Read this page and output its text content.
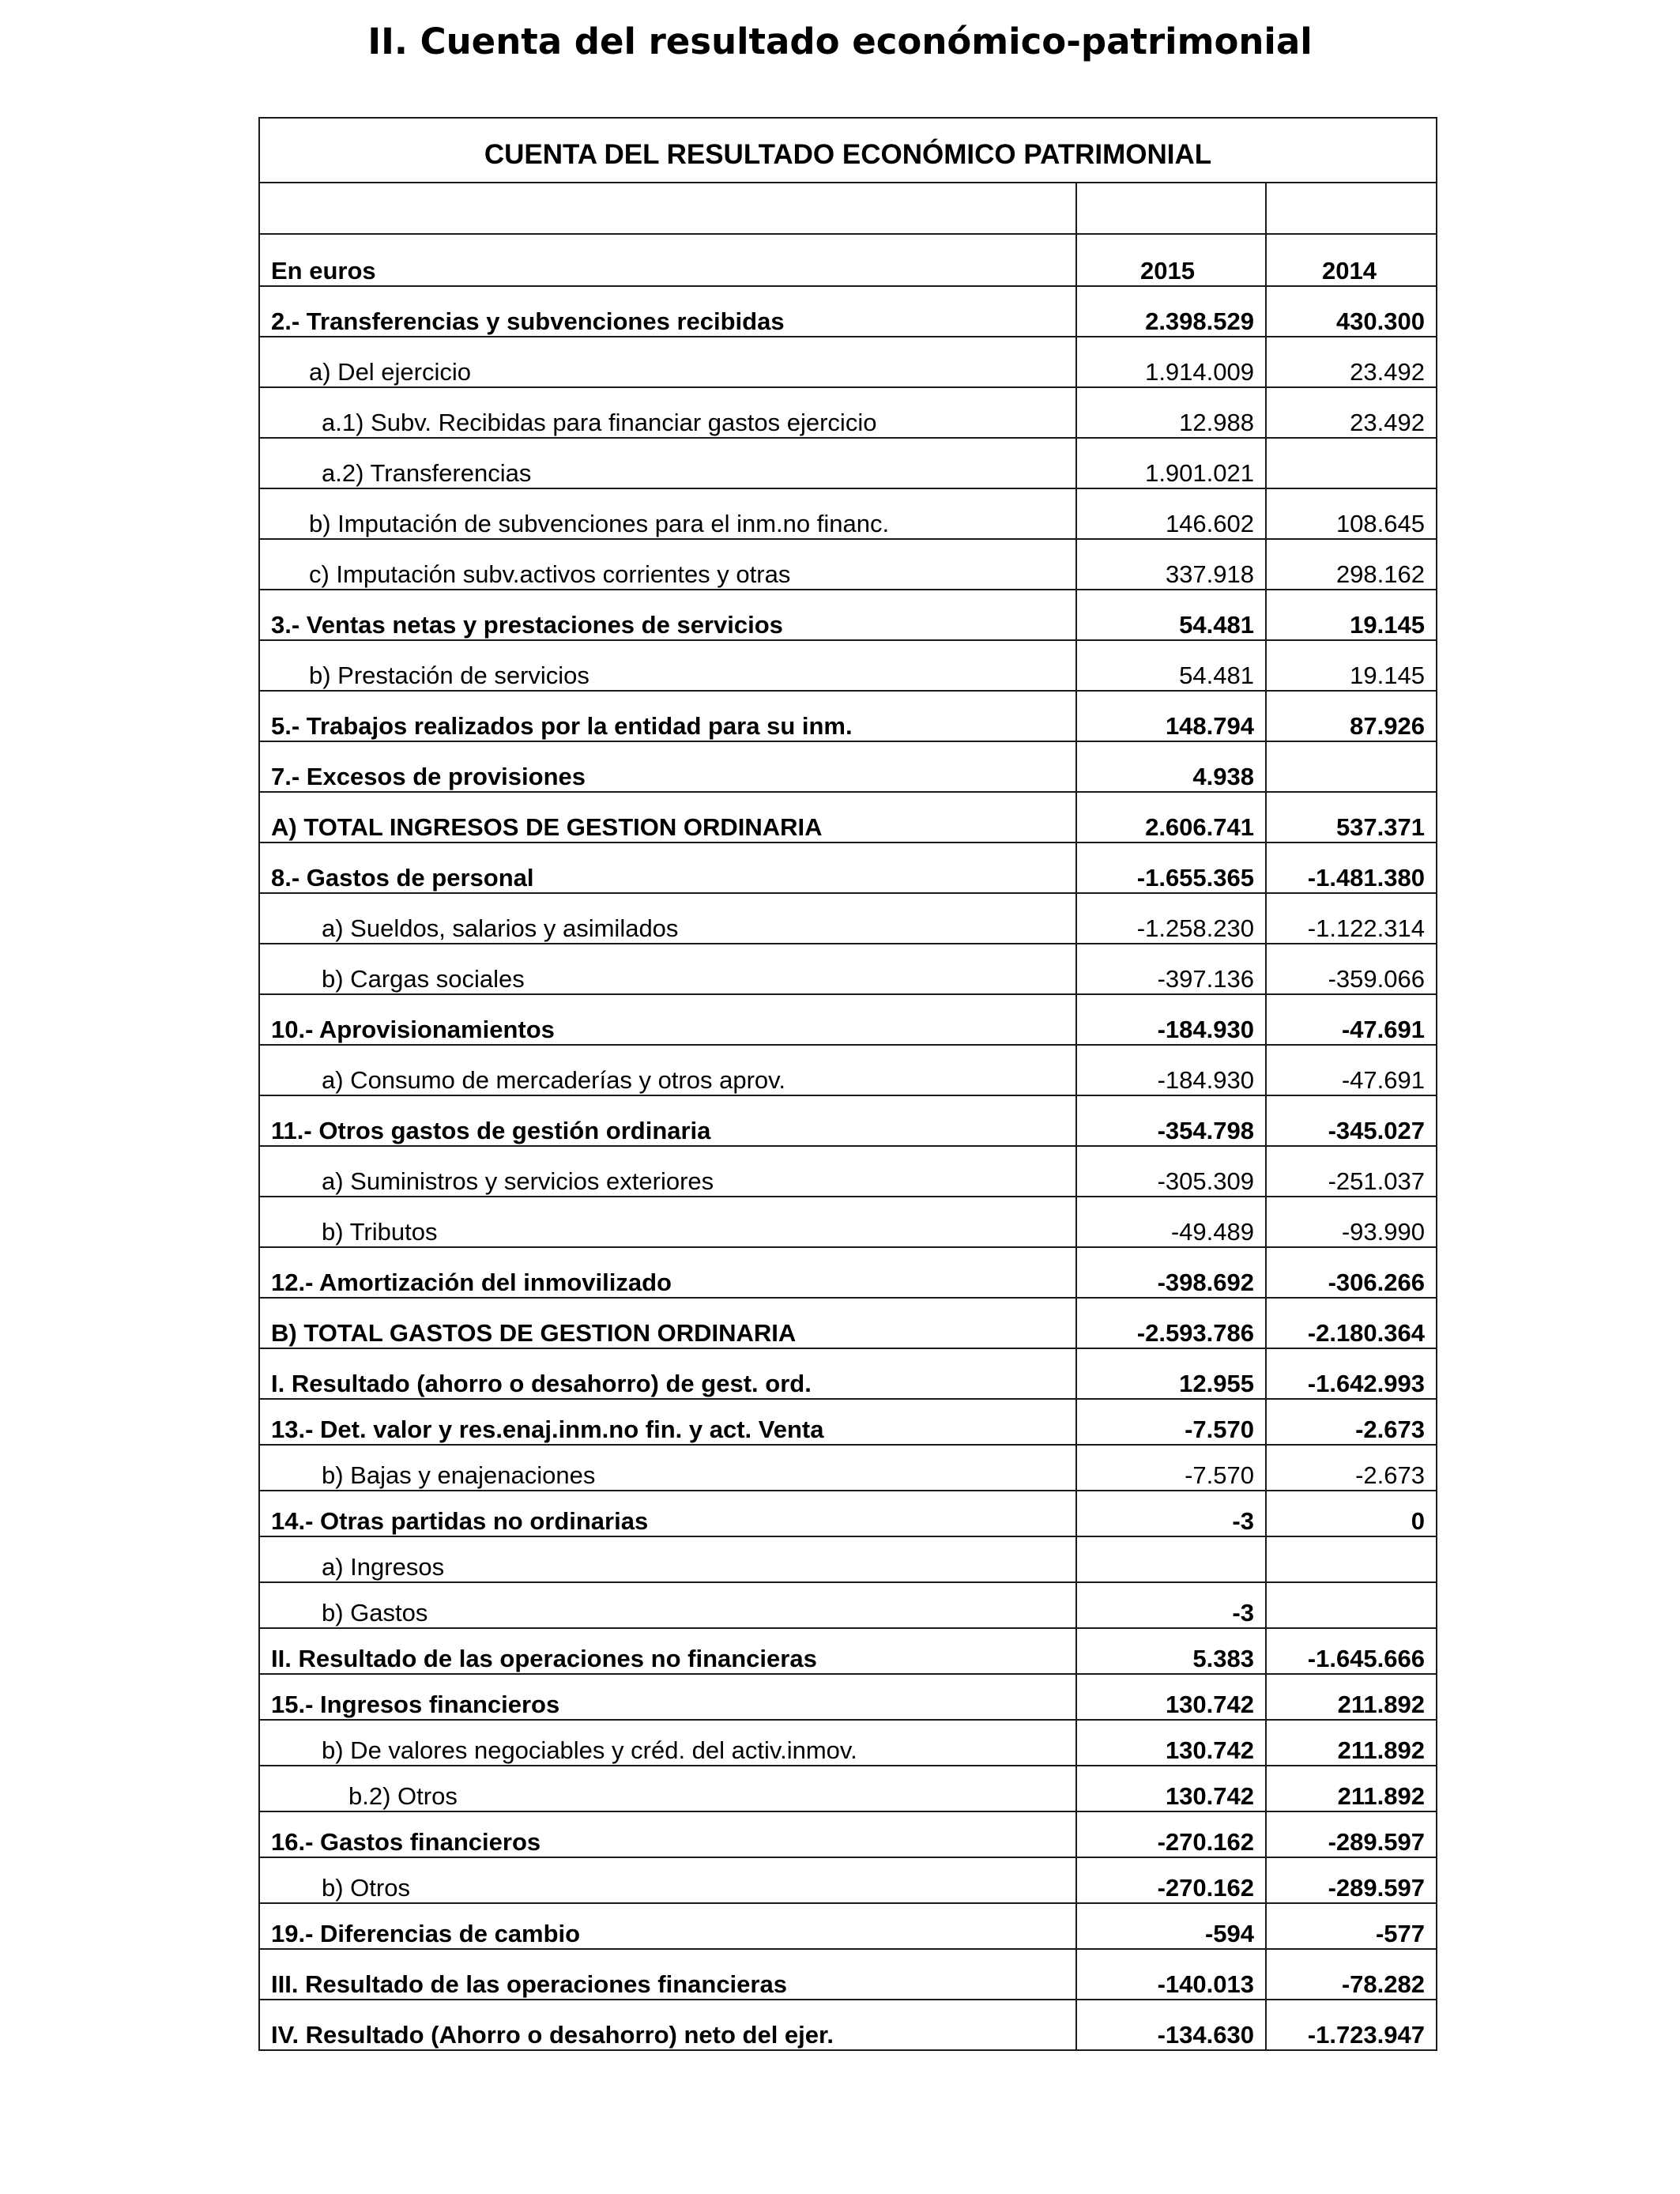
II. Cuenta del resultado económico-patrimonial
CUENTA DEL RESULTADO ECONÓMICO PATRIMONIAL		

En euros	2015	2014
2.- Transferencias y subvenciones recibidas	2.398.529	430.300
a) Del ejercicio	1.914.009	23.492
a.1) Subv. Recibidas para financiar gastos ejercicio	12.988	23.492
a.2) Transferencias	1.901.021	
b) Imputación de subvenciones para el inm.no financ.	146.602	108.645
c) Imputación subv.activos corrientes y otras	337.918	298.162
3.- Ventas netas y prestaciones de servicios	54.481	19.145
b) Prestación de servicios	54.481	19.145
5.- Trabajos realizados por la entidad para su inm.	148.794	87.926
7.- Excesos de provisiones	4.938	
A) TOTAL INGRESOS DE GESTION ORDINARIA	2.606.741	537.371
8.- Gastos de personal	-1.655.365	-1.481.380
a) Sueldos, salarios y asimilados	-1.258.230	-1.122.314
b) Cargas sociales	-397.136	-359.066
10.- Aprovisionamientos	-184.930	-47.691
a) Consumo de mercaderías y otros aprov.	-184.930	-47.691
11.- Otros gastos de gestión ordinaria	-354.798	-345.027
a) Suministros y servicios exteriores	-305.309	-251.037
b) Tributos	-49.489	-93.990
12.- Amortización del inmovilizado	-398.692	-306.266
B) TOTAL GASTOS DE GESTION ORDINARIA	-2.593.786	-2.180.364
I. Resultado (ahorro o desahorro) de gest. ord.	12.955	-1.642.993
13.- Det. valor y res.enaj.inm.no fin. y act. Venta	-7.570	-2.673
b) Bajas y enajenaciones	-7.570	-2.673
14.- Otras partidas no ordinarias	-3	0
a) Ingresos		
b) Gastos	-3	
II. Resultado de las operaciones no financieras	5.383	-1.645.666
15.- Ingresos financieros	130.742	211.892
b) De valores negociables y créd. del activ.inmov.	130.742	211.892
b.2) Otros	130.742	211.892
16.- Gastos financieros	-270.162	-289.597
b) Otros	-270.162	-289.597
19.- Diferencias de cambio	-594	-577
III. Resultado de las operaciones financieras	-140.013	-78.282
IV. Resultado (Ahorro o desahorro) neto del ejer.	-134.630	-1.723.947
